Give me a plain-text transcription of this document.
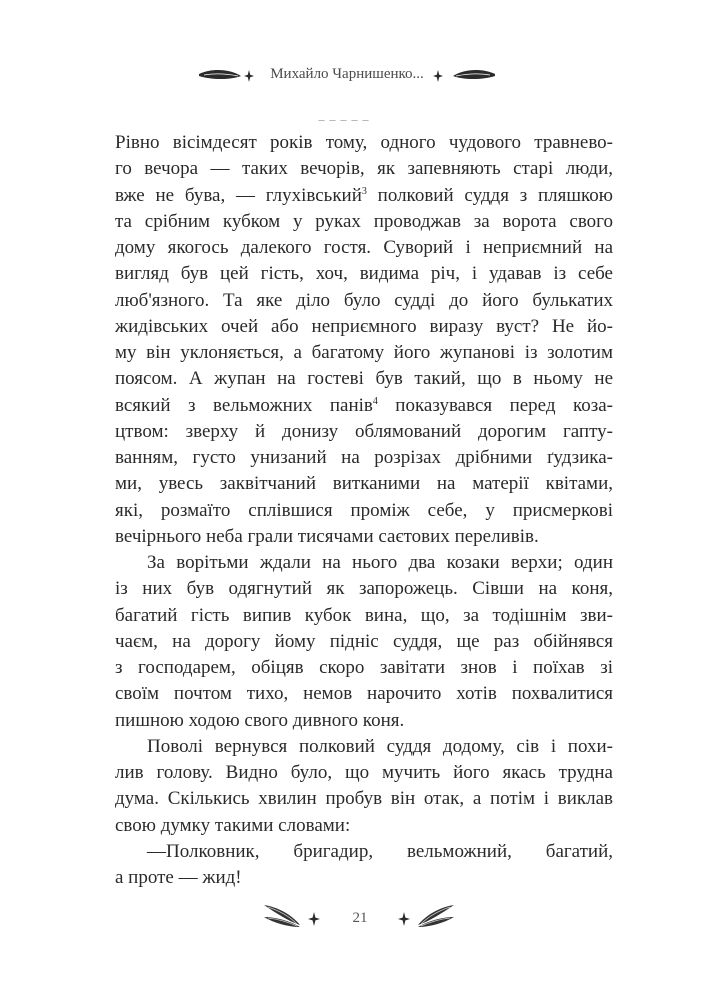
Михайло Чарнишенко...
_ _ _ _ _
Рівно вісімдесят років тому, одного чудового травнево-
го вечора — таких вечорів, як запевняють старі люди,
вже не бува, — глухівський$^3$ полковий суддя з пляшкою
та срібним кубком у руках проводжав за ворота свого
дому якогось далекого гостя. Суворий і неприємний на
вигляд був цей гість, хоч, видима річ, і удавав із себе
люб'язного. Та яке діло було судді до його булькатих
жидівських очей або неприємного виразу вуст? Не йо-
му він уклоняється, а багатому його жупанові із золотим
поясом. А жупан на гостеві був такий, що в ньому не
всякий з вельможних панів$^4$ показувався перед коза-
цтвом: зверху й донизу облямований дорогим гапту-
ванням, густо унизаний на розрізах дрібними ґудзика-
ми, увесь заквітчаний витканими на матерії квітами,
які, розмаїто сплівшися проміж себе, у присмеркові
вечірнього неба грали тисячами саєтових переливів.
За ворітьми ждали на нього два козаки верхи; один
із них був одягнутий як запорожець. Сівши на коня,
багатий гість випив кубок вина, що, за тодішнім зви-
чаєм, на дорогу йому підніс суддя, ще раз обійнявся
з господарем, обіцяв скоро завітати знов і поїхав зі
своїм почтом тихо, немов нарочито хотів похвалитися
пишною ходою свого дивного коня.
Поволі вернувся полковий суддя додому, сів і похи-
лив голову. Видно було, що мучить його якась трудна
дума. Скількись хвилин пробув він отак, а потім і виклав
свою думку такими словами:
—Полковник, бригадир, вельможний, багатий,
а проте — жид!
21
